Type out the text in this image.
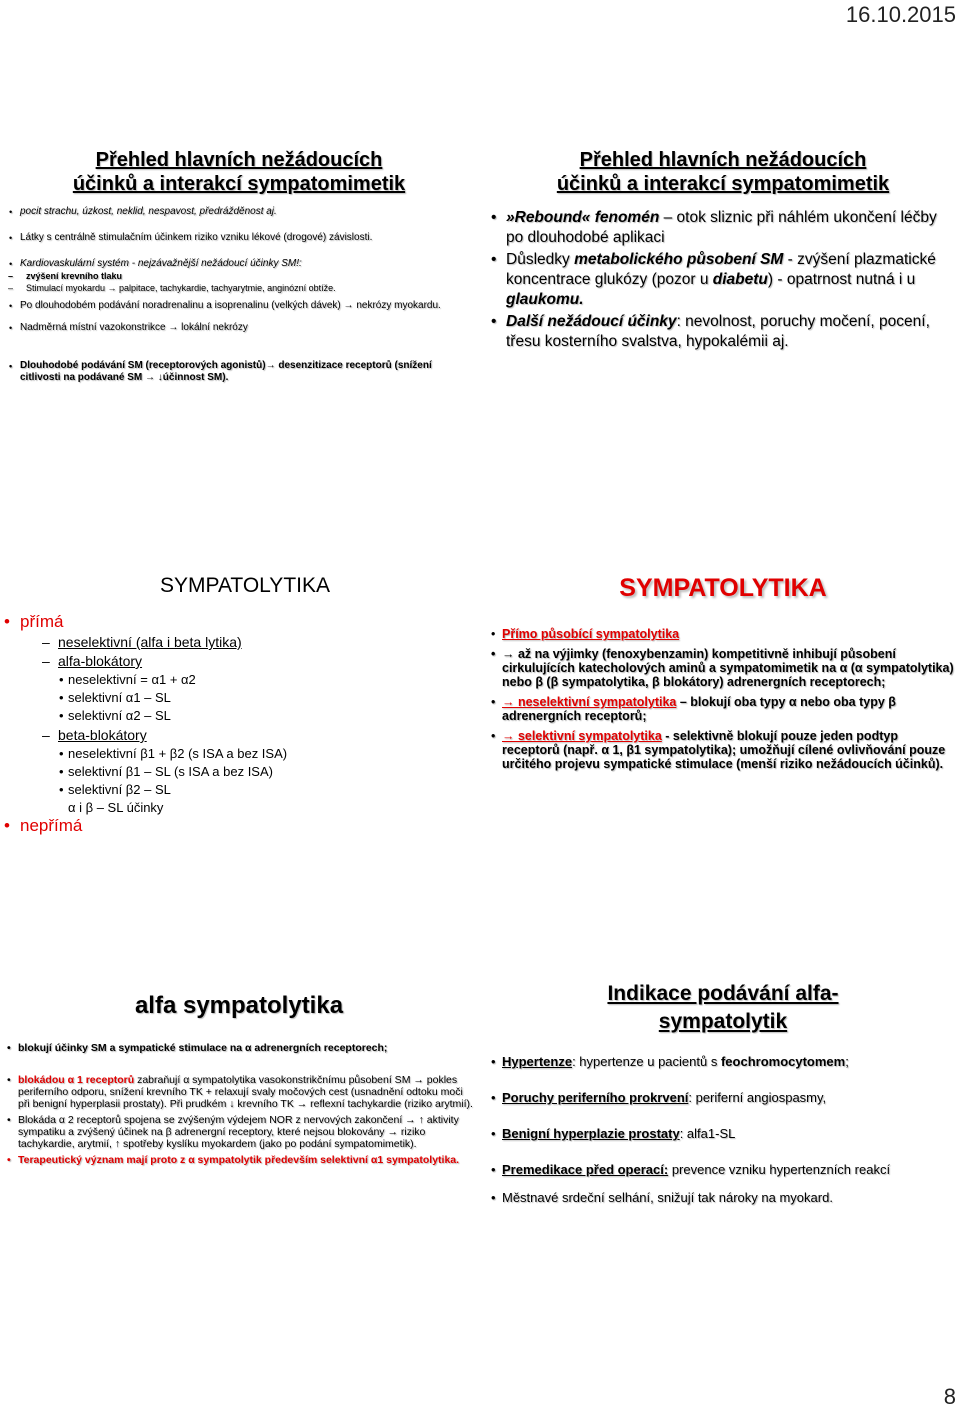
16.10.2015
Přehled hlavních nežádoucích
účinků a interakcí sympatomimetik
• pocit strachu, úzkost, neklid, nespavost, předrážděnost aj.
• Látky s centrálně stimulačním účinkem riziko vzniku lékové (drogové) závislosti.
• Kardiovaskulární systém - nejzávažnější nežádoucí účinky SM!:
– zvýšení krevního tlaku
– Stimulací myokardu → palpitace, tachykardie, tachyarytmie, anginózní obtíže.
• Po dlouhodobém podávání noradrenalinu a isoprenalinu (velkých dávek) → nekrózy myokardu.
• Nadměrná místní vazokonstrikce → lokální nekrózy
• Dlouhodobé podávání SM (receptorových agonistů)→ desenzitizace receptorů (snížení citlivosti na podávané SM → ↓účinnost SM).
Přehled hlavních nežádoucích
účinků a interakcí sympatomimetik
• »Rebound« fenomén – otok sliznic při náhlém ukončení léčby po dlouhodobé aplikaci
• Důsledky metabolického působení SM - zvýšení plazmatické koncentrace glukózy (pozor u diabetu) - opatrnost nutná i u glaukomu.
• Další nežádoucí účinky: nevolnost, poruchy močení, pocení, třesu kosterního svalstva, hypokalémii aj.
SYMPATOLYTIKA
• přímá
– neselektivní (alfa i beta lytika)
– alfa-blokátory
• neselektivní = α1 + α2
• selektivní α1 – SL
• selektivní α2 – SL
– beta-blokátory
• neselektivní β1 + β2 (s ISA a bez ISA)
• selektivní β1 – SL (s ISA a bez ISA)
• selektivní β2 – SL
α i β – SL účinky
• nepřímá
SYMPATOLYTIKA
• Přímo působící sympatolytika
• → až na výjimky (fenoxybenzamin) kompetitivně inhibují působení cirkulujících katecholových aminů a sympatomimetik na α (α sympatolytika) nebo β (β sympatolytika, β blokátory) adrenergních receptorech;
• → neselektivní sympatolytika – blokují oba typy α nebo oba typy β adrenergních receptorů;
• → selektivní sympatolytika - selektivně blokují pouze jeden podtyp receptorů (např. α 1, β1 sympatolytika); umožňují cílené ovlivňování pouze určitého projevu sympatické stimulace (menší riziko nežádoucích účinků).
alfa sympatolytika
• blokují účinky SM a sympatické stimulace na α adrenergních receptorech;
• blokádou α 1 receptorů zabraňují α sympatolytika vasokonstrikčnímu působení SM → pokles periferního odporu, snížení krevního TK + relaxují svaly močových cest (usnadnění odtoku moči při benigní hyperplasii prostaty). Při prudkém ↓ krevního TK → reflexní tachykardie (riziko arytmií).
• Blokáda α 2 receptorů spojena se zvýšeným výdejem NOR z nervových zakončení → ↑ aktivity sympatiku a zvýšený účinek na β adrenergní receptory, které nejsou blokovány → riziko tachykardie, arytmií, ↑ spotřeby kyslíku myokardem (jako po podání sympatomimetik).
• Terapeutický význam mají proto z α sympatolytik především selektivní α1 sympatolytika.
Indikace podávání alfa-
sympatolytik
• Hypertenze: hypertenze u pacientů s feochromocytomem;
• Poruchy periferního prokrvení: periferní angiospasmy,
• Benigní hyperplazie prostaty: alfa1-SL
• Premedikace před operací: prevence vzniku hypertenzních reakcí
• Městnavé srdeční selhání, snižují tak nároky na myokard.
8
